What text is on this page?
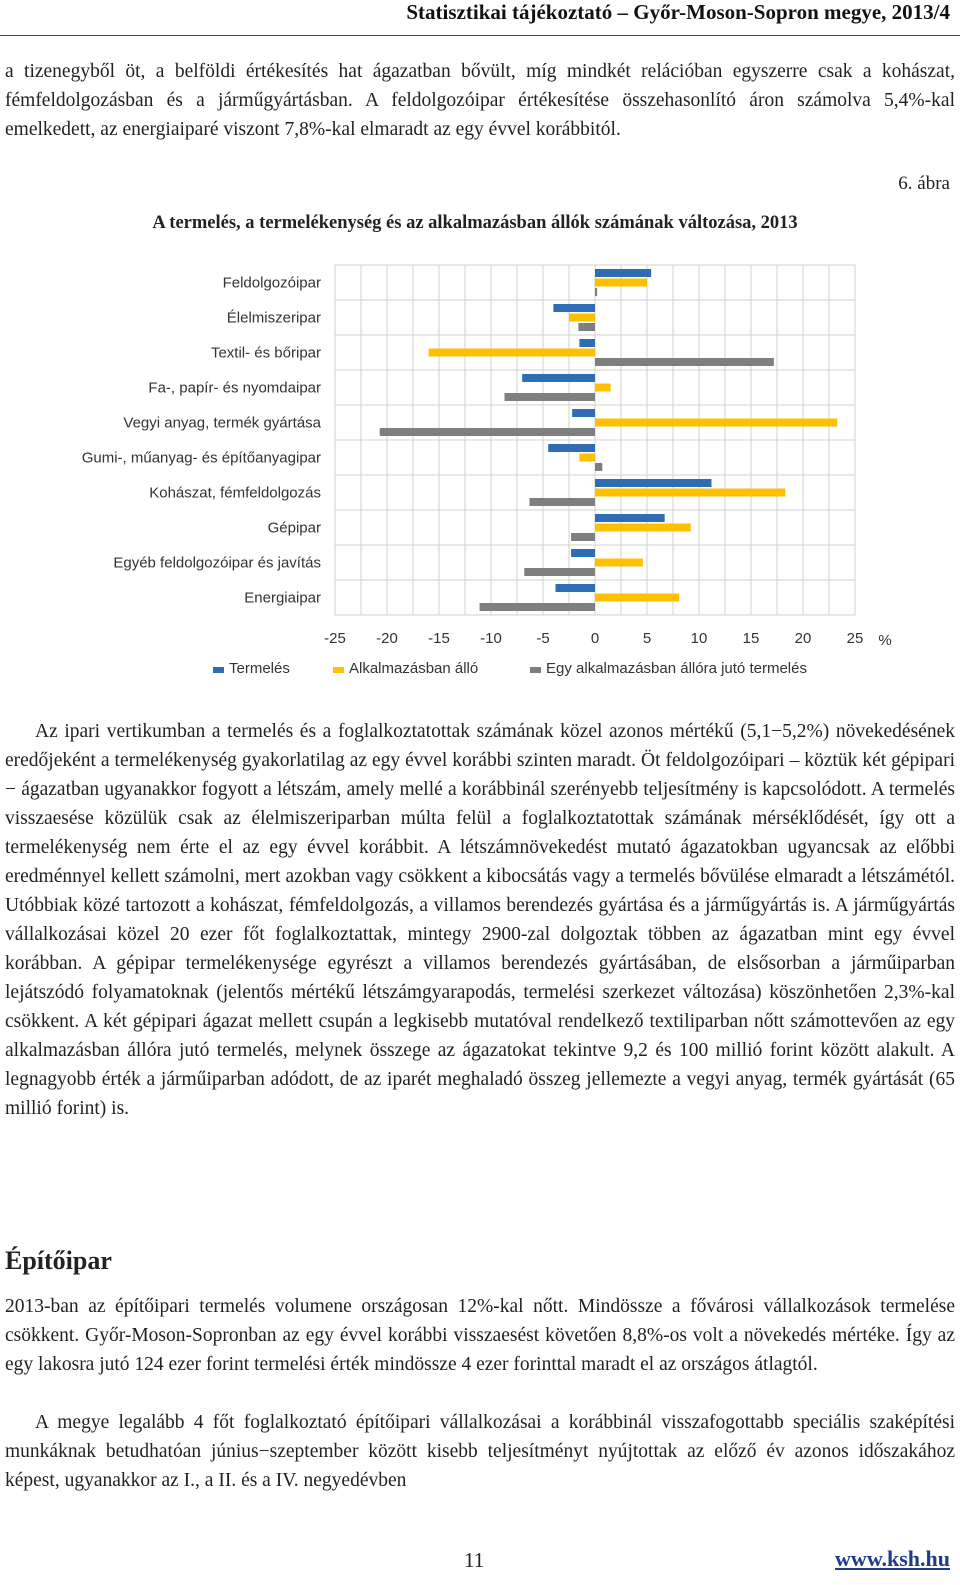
Statisztikai tájékoztató – Győr-Moson-Sopron megye, 2013/4
a tizenegyből öt, a belföldi értékesítés hat ágazatban bővült, míg mindkét relációban egyszerre csak a kohászat, fémfeldolgozásban és a járműgyártásban. A feldolgozóipar értékesítése összehasonlító áron számolva 5,4%-kal emelkedett, az energiaiparé viszont 7,8%-kal elmaradt az egy évvel korábbitól.
6. ábra
A termelés, a termelékenység és az alkalmazásban állók számának változása, 2013
Feldolgozóipar
Élelmiszeripar
Textil- és bőripar
Fa-, papír- és nyomdaipar
Vegyi anyag, termék gyártása
Gumi-, műanyag- és építőanyagipar
Kohászat, fémfeldolgozás
Gépipar
Egyéb feldolgozóipar és javítás
Energiaipar
-25 -20 -15 -10 -5	0	5	10 15 20 25 %
Termelés	Alkalmazásban álló	Egy alkalmazásban állóra jutó termelés
Az ipari vertikumban a termelés és a foglalkoztatottak számának közel azonos mértékű (5,1−5,2%) növekedésének eredőjeként a termelékenység gyakorlatilag az egy évvel korábbi szinten maradt. Öt feldolgozóipari – köztük két gépipari − ágazatban ugyanakkor fogyott a létszám, amely mellé a korábbinál szerényebb teljesítmény is kapcsolódott. A termelés visszaesése közülük csak az élelmiszeriparban múlta felül a foglalkoztatottak számának mérséklődését, így ott a termelékenység nem érte el az egy évvel korábbit. A létszámnövekedést mutató ágazatokban ugyancsak az előbbi eredménnyel kellett számolni, mert azokban vagy csökkent a kibocsátás vagy a termelés bővülése elmaradt a létszámétól. Utóbbiak közé tartozott a kohászat, fémfeldolgozás, a villamos berendezés gyártása és a járműgyártás is. A járműgyártás vállalkozásai közel 20 ezer főt foglalkoztattak, mintegy 2900-zal dolgoztak többen az ágazatban mint egy évvel korábban. A gépipar termelékenysége egyrészt a villamos berendezés gyártásában, de elsősorban a járműiparban lejátszódó folyamatoknak (jelentős mértékű létszámgyarapodás, termelési szerkezet változása) köszönhetően 2,3%-kal csökkent. A két gépipari ágazat mellett csupán a legkisebb mutatóval rendelkező textiliparban nőtt számottevően az egy alkalmazásban állóra jutó termelés, melynek összege az ágazatokat tekintve 9,2 és 100 millió forint között alakult. A legnagyobb érték a járműiparban adódott, de az iparét meghaladó összeg jellemezte a vegyi anyag, termék gyártását (65 millió forint) is.
Építőipar
2013-ban az építőipari termelés volumene országosan 12%-kal nőtt. Mindössze a fővárosi vállalkozások termelése csökkent. Győr-Moson-Sopronban az egy évvel korábbi visszaesést követően 8,8%-os volt a növekedés mértéke. Így az egy lakosra jutó 124 ezer forint termelési érték mindössze 4 ezer forinttal maradt el az országos átlagtól.
A megye legalább 4 főt foglalkoztató építőipari vállalkozásai a korábbinál visszafogottabb speciális szaképítési munkáknak betudhatóan június−szeptember között kisebb teljesítményt nyújtottak az előző év azonos időszakához képest, ugyanakkor az I., a II. és a IV. negyedévben
11	www.ksh.hu
